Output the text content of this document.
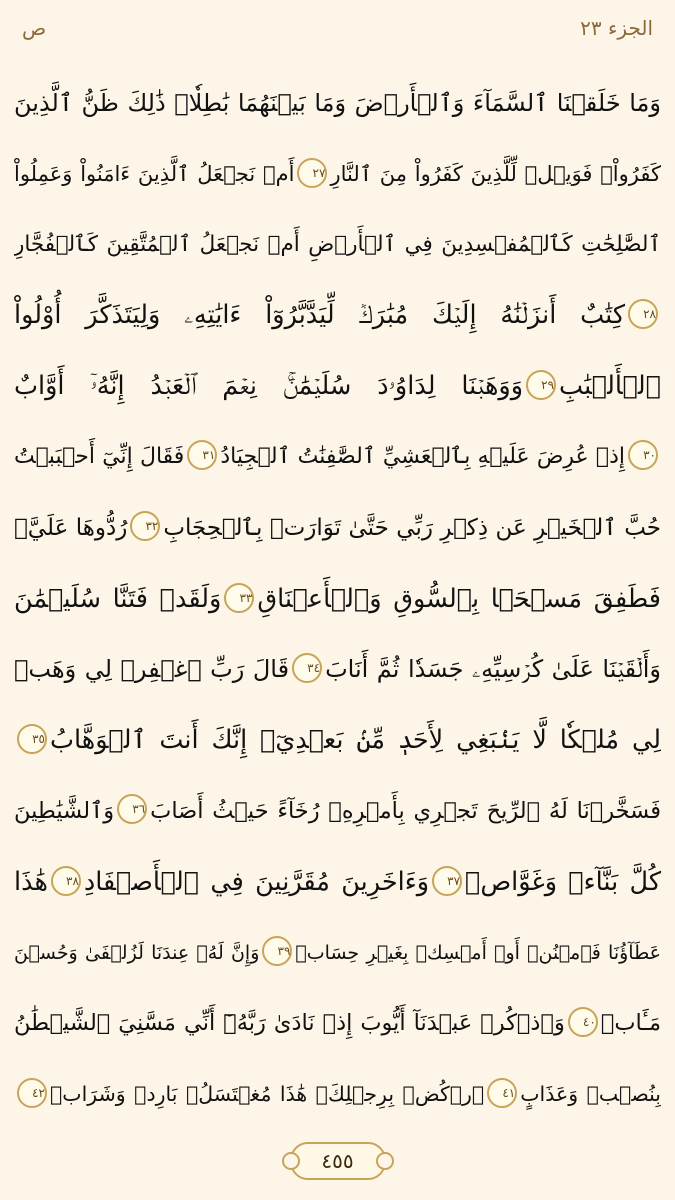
الجزء ٢٣
ص
وَمَا خَلَقۡنَا ٱلسَّمَآءَ وَٱلۡأَرۡضَ وَمَا بَيۡنَهُمَا بَٰطِلٗاۚ ذَٰلِكَ ظَنُّ ٱلَّذِينَ
كَفَرُواْۚ فَوَيۡلٞ لِّلَّذِينَ كَفَرُواْ مِنَ ٱلنَّارِ٢٧أَمۡ نَجۡعَلُ ٱلَّذِينَ ءَامَنُواْ وَعَمِلُواْ
ٱلصَّٰلِحَٰتِ كَٱلۡمُفۡسِدِينَ فِي ٱلۡأَرۡضِ أَمۡ نَجۡعَلُ ٱلۡمُتَّقِينَ كَٱلۡفُجَّارِ
٢٨كِتَٰبٌ أَنزَلۡنَٰهُ إِلَيۡكَ مُبَٰرَكٞ لِّيَدَّبَّرُوٓاْ ءَايَٰتِهِۦ وَلِيَتَذَكَّرَ أُوْلُواْ
ٱلۡأَلۡبَٰبِ٢٩وَوَهَبۡنَا لِدَاوُۥدَ سُلَيۡمَٰنَۚ نِعۡمَ ٱلۡعَبۡدُ إِنَّهُۥٓ أَوَّابٌ
٣٠إِذۡ عُرِضَ عَلَيۡهِ بِٱلۡعَشِيِّ ٱلصَّٰفِنَٰتُ ٱلۡجِيَادُ٣١فَقَالَ إِنِّيٓ أَحۡبَبۡتُ
حُبَّ ٱلۡخَيۡرِ عَن ذِكۡرِ رَبِّي حَتَّىٰ تَوَارَتۡ بِٱلۡحِجَابِ٣٢رُدُّوهَا عَلَيَّۖ
فَطَفِقَ مَسۡحَۢا بِٱلسُّوقِ وَٱلۡأَعۡنَاقِ٣٣وَلَقَدۡ فَتَنَّا سُلَيۡمَٰنَ
وَأَلۡقَيۡنَا عَلَىٰ كُرۡسِيِّهِۦ جَسَدٗا ثُمَّ أَنَابَ٣٤قَالَ رَبِّ ٱغۡفِرۡ لِي وَهَبۡ
لِي مُلۡكٗا لَّا يَنۢبَغِي لِأَحَدٖ مِّنۢ بَعۡدِيٓۖ إِنَّكَ أَنتَ ٱلۡوَهَّابُ٣٥
فَسَخَّرۡنَا لَهُ ٱلرِّيحَ تَجۡرِي بِأَمۡرِهِۦ رُخَآءً حَيۡثُ أَصَابَ٣٦وَٱلشَّيَٰطِينَ
كُلَّ بَنَّآءٖ وَغَوَّاصٖ٣٧وَءَاخَرِينَ مُقَرَّنِينَ فِي ٱلۡأَصۡفَادِ٣٨هَٰذَا
عَطَآؤُنَا فَٱمۡنُنۡ أَوۡ أَمۡسِكۡ بِغَيۡرِ حِسَابٖ٣٩وَإِنَّ لَهُۥ عِندَنَا لَزُلۡفَىٰ وَحُسۡنَ
مَـَٔابٖ٤٠وَٱذۡكُرۡ عَبۡدَنَآ أَيُّوبَ إِذۡ نَادَىٰ رَبَّهُۥٓ أَنِّي مَسَّنِيَ ٱلشَّيۡطَٰنُ
بِنُصۡبٖ وَعَذَابٍ٤١ٱرۡكُضۡ بِرِجۡلِكَۖ هَٰذَا مُغۡتَسَلُۢ بَارِدٞ وَشَرَابٞ٤٢
٤٥٥
